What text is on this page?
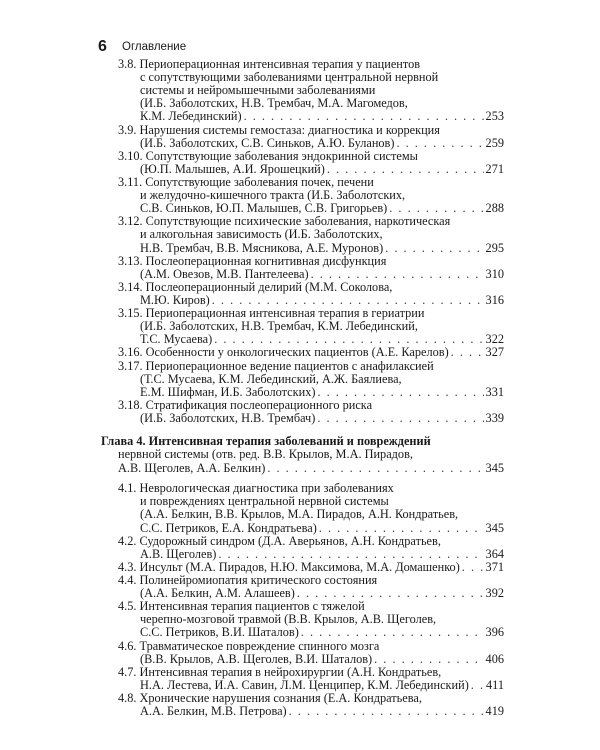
6 Оглавление
3.8. Периоперационная интенсивная терапия у пациентов
с сопутствующими заболеваниями центральной нервной
системы и нейромышечными заболеваниями
(И.Б. Заболотских, Н.В. Трембач, М.А. Магомедов,
К.М. Лебединский) . . .	253
3.9. Нарушения системы гемостаза: диагностика и коррекция
(И.Б. Заболотских, С.В. Синьков, А.Ю. Буланов) . . .	259
3.10. Сопутствующие заболевания эндокринной системы
(Ю.П. Малышев, А.И. Ярошецкий) . . .	271
3.11. Сопутствующие заболевания почек, печени
и желудочно-кишечного тракта (И.Б. Заболотских,
С.В. Синьков, Ю.П. Малышев, С.В. Григорьев) . . .	288
3.12. Сопутствующие психические заболевания, наркотическая
и алкогольная зависимость (И.Б. Заболотских,
Н.В. Трембач, В.В. Мясникова, А.Е. Муронов) . . .	295
3.13. Послеоперационная когнитивная дисфункция
(А.М. Овезов, М.В. Пантелеева) . . .	310
3.14. Послеоперационный делирий (М.М. Соколова,
М.Ю. Киров) . . .	316
3.15. Периоперационная интенсивная терапия в гериатрии
(И.Б. Заболотских, Н.В. Трембач, К.М. Лебединский,
Т.С. Мусаева) . . .	322
3.16. Особенности у онкологических пациентов (А.Е. Карелов) . . .	327
3.17. Периоперационное ведение пациентов с анафилаксией
(Т.С. Мусаева, К.М. Лебединский, А.Ж. Баялиева,
Е.М. Шифман, И.Б. Заболотских) . . .	331
3.18. Стратификация послеоперационного риска
(И.Б. Заболотских, Н.В. Трембач) . . .	339
Глава 4. Интенсивная терапия заболеваний и повреждений
нервной системы (отв. ред. В.В. Крылов, М.А. Пирадов,
А.В. Щеголев, А.А. Белкин) . . .	345
4.1. Неврологическая диагностика при заболеваниях
и повреждениях центральной нервной системы
(А.А. Белкин, В.В. Крылов, М.А. Пирадов, А.Н. Кондратьев,
С.С. Петриков, Е.А. Кондратьева) . . .	345
4.2. Судорожный синдром (Д.А. Аверьянов, А.Н. Кондратьев,
А.В. Щеголев) . . .	364
4.3. Инсульт (М.А. Пирадов, Н.Ю. Максимова, М.А. Домашенко) . . . 371
4.4. Полинейромиопатия критического состояния
(А.А. Белкин, А.М. Алашеев) . . .	392
4.5. Интенсивная терапия пациентов с тяжелой
черепно-мозговой травмой (В.В. Крылов, А.В. Щеголев,
С.С. Петриков, В.И. Шаталов) . . .	396
4.6. Травматическое повреждение спинного мозга
(В.В. Крылов, А.В. Щеголев, В.И. Шаталов) . . .	406
4.7. Интенсивная терапия в нейрохирургии (А.Н. Кондратьев,
Н.А. Лестева, И.А. Савин, Л.М. Ценципер, К.М. Лебединский) . . . 411
4.8. Хронические нарушения сознания (Е.А. Кондратьева,
А.А. Белкин, М.В. Петрова) . . .	419
